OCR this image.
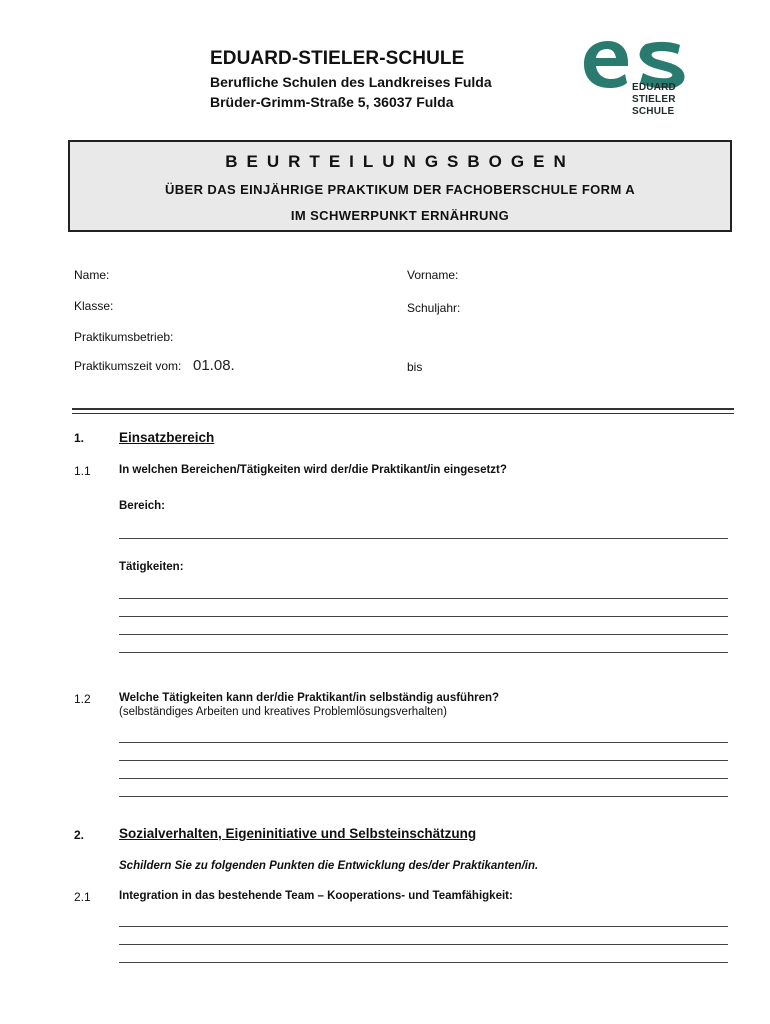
EDUARD-STIELER-SCHULE
Berufliche Schulen des Landkreises Fulda
Brüder-Grimm-Straße 5, 36037 Fulda
EDUARD
STIELER
SCHULE
BEURTEILUNGSBOGEN
ÜBER DAS EINJÄHRIGE PRAKTIKUM DER FACHOBERSCHULE FORM A
IM SCHWERPUNKT ERNÄHRUNG
Name:	Vorname:
Klasse:	Schuljahr:
Praktikumsbetrieb:
Praktikumszeit vom: 01.08.	bis
1.	Einsatzbereich
1.1 In welchen Bereichen/Tätigkeiten wird der/die Praktikant/in eingesetzt?
Bereich:
Tätigkeiten:
1.2 Welche Tätigkeiten kann der/die Praktikant/in selbständig ausführen?
(selbständiges Arbeiten und kreatives Problemlösungsverhalten)
2.	Sozialverhalten, Eigeninitiative und Selbsteinschätzung
Schildern Sie zu folgenden Punkten die Entwicklung des/der Praktikanten/in.
2.1 Integration in das bestehende Team – Kooperations- und Teamfähigkeit:
